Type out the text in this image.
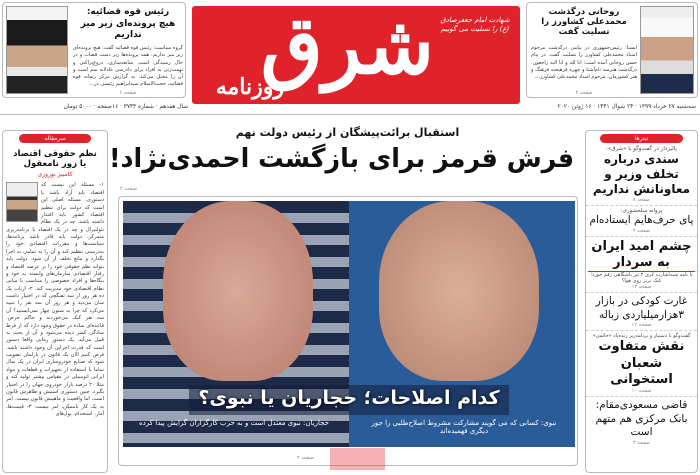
رئیس قوه قضائیه:
هیچ پرونده‌ای زیر میز نداریم
گروه سیاست: رئیس قوه قضائیه گفت: هیچ پرونده‌ای زیر میز نداریم. همه پرونده‌ها زیر دست قضات و در حال رسیدگی است. شایعه‌سازی، دروغ‌پراکنی و تهمت‌زنی به افراد برای دادرسی عادلانه سم است و آن را مختل می‌کند. به گزارش مرکز رسانه قوه قضائیه، حجت‌الاسلام سیدابراهیم رئیسی در...
صفحه ۶
سال هفدهم · شماره ۳۷۴۴ · ۱۶صفحه · ۵۰۰۰ تومان
شرق
روزنامه
شهادت امام جعفرصادق (ع) را تسلیت می گوییم
روحانی درگذشت محمدعلی کشاورز را تسلیت گفت
ایسنا: رئیس‌جمهوری در پیامی درگذشت مرحوم استاد محمدعلی کشاورز را تسلیت گفت. در پیام حسن روحانی آمده است: انا لله و انا الیه راجعون. درگذشت هنرمند نام‌آشنا و چهره فرهیخته فرهنگ و هنر کشورمان، مرحوم استاد محمدعلی کشاورز...
صفحه ۲
سه‌شنبه ۲۷ خرداد ۱۳۹۹ · ۲۴ شوال ۱۴۴۱ · ۱۶ ژوئن ۲۰۲۰
سرمقاله
نظم حقوقی اقتصاد یا زور نامعقول
کامبیز نوروزی
۱- مسئله این نیست که اقتصاد باید آزاد باشد یا دستوری. مسئله اصلی این است که دولت برای تنظیم اقتصاد کشور باید اقتدار داشته باشد. چه در یک نظام نئولیبرال و چه در یک اقتصاد با برنامه‌ریزی متمرکز، دولت باید قادر باشد برنامه‌ها، سیاست‌ها و مقررات اقتصادی خود را به‌درستی تنظیم کند و آن را به تمامی به اجرا بگذارد و مانع تخلف از آن شود. دولت باید بتواند نظم حقوقی خود را بر عرصه اقتصاد و رفتار اقتصادی سازمان‌های وابسته به خود و بنگاه‌ها و افراد خصوصی را متناسب با مبانی نظام اقتصادی خود مدیریت کند. ۲- ارباب یک ده هر روز از سه تفنگچی که در اختیار داشت سان می‌دید و هر روز آن سه نفر را تنبیه می‌کرد که چرا به ستون چهار نمی‌ایستید؟ آن سه نفر کتک می‌خوردند و حاکم حرص. قاعده‌ای ساده در حقوق وجود دارد که از فرط سادگی کمتر دیده می‌شود و آن از بحث به قبیل می‌آید. یک دستور زمانی واقعا دستور است که قدرت اجرایی آن وجود داشته باشد. فرض کنیم الان یک قانون در پارلمان تصویب شود که صنایع خودروسازی ایران در یک سال تماما با استفاده از تجهیزات و قطعات و مواد ایرانی اتومبیلی در مقیاس بیشتر تولید کند و مثلا ۲۰ درصد بازار خودروی جهان را در اختیار بگیرد. چنین دستوری اسمش و ظاهرش قانون است، اما واقعیت و ماهیتش قانون نیست. امر به یک کار ناممکن، امر نیست. ۳- قیمت‌ها، آمار، استخدام، پول‌های
استقبال برائت‌پیشگان از رئیس دولت نهم
فرش قرمز برای بازگشت احمدی‌نژاد!
صفحه ۲
کدام اصلاحات؛ حجاریان یا نبوی؟
نبوی: کسانی که می گویند مشارکت مشروط اصلاح‌طلبی را جور دیگری فهمیده‌اند
حجاریان: نبوی معتدل است و به حزب کارگزاران گرایش پیدا کرده
صفحه ۲
تیترها
پالیزدار در گفت‌وگو با «شرق»:
سندی درباره تخلف وزیر و معاونانش نداریم
صفحه ۸
پروانه سلحشوری:
پای حرف‌هایم ایستاده‌ام
صفحه ۲
چشم امید ایران به سردار
با نامه شبه‌اشارت کری ۲ تیر باشگاهی رقم خورد؛ کیک برنز روی هوا؟
صفحه ۱۳
غارت کودکی در بازار ۳هزارمیلیاردی زباله
صفحه ۱۲
گفت‌وگو با دستیار و برنامه‌ریز زنده‌یاد «حاتمی»
نقش متفاوت شعبان استخوانی
صفحه ۱۰
قاضی مسعودی‌مقام: بانک مرکزی هم متهم است
صفحه ۳
